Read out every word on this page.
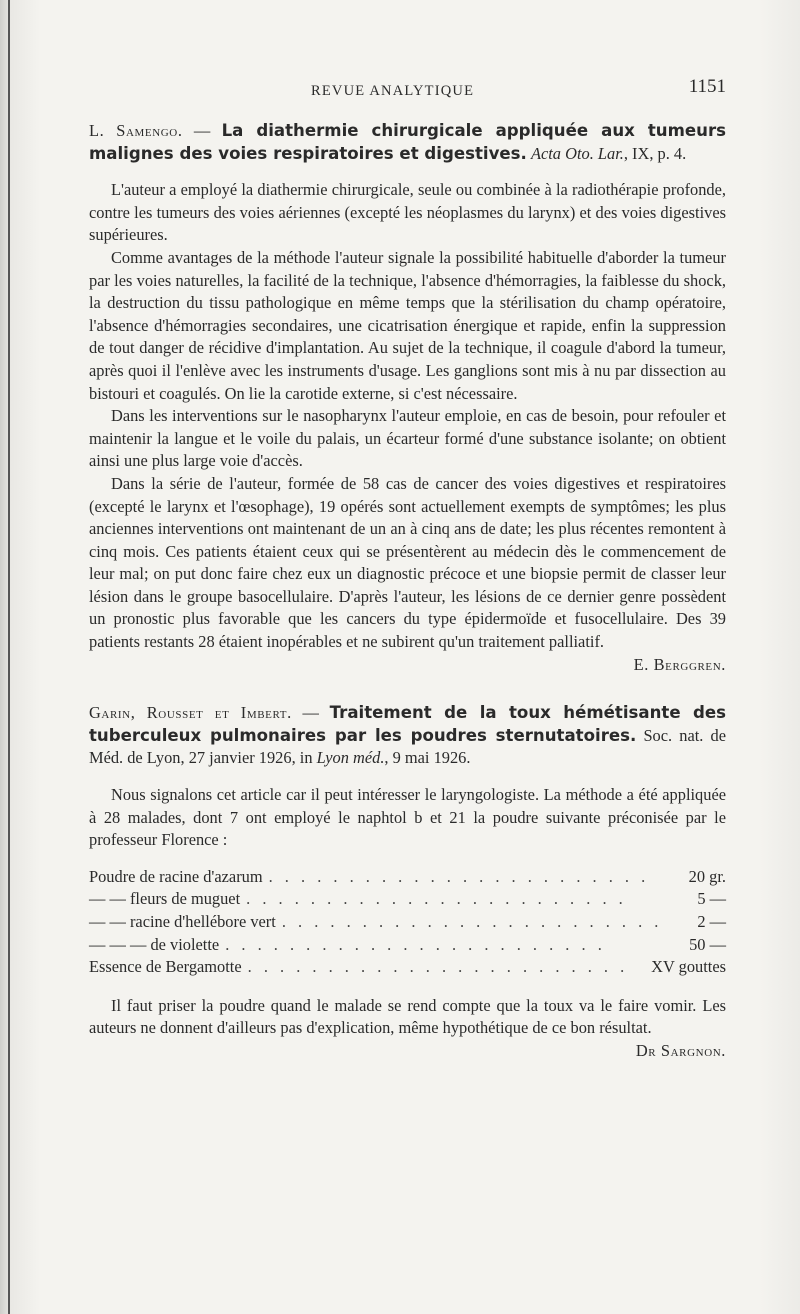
REVUE ANALYTIQUE	1151

L. Samengo. — La diathermie chirurgicale appliquée aux tumeurs malignes des voies respiratoires et digestives. Acta Oto. Lar., IX, p. 4.

L'auteur a employé la diathermie chirurgicale, seule ou combinée à la radiothérapie profonde, contre les tumeurs des voies aériennes (excepté les néoplasmes du larynx) et des voies digestives supérieures.

Comme avantages de la méthode l'auteur signale la possibilité habituelle d'aborder la tumeur par les voies naturelles, la facilité de la technique, l'absence d'hémorragies, la faiblesse du shock, la destruction du tissu pathologique en même temps que la stérilisation du champ opératoire, l'absence d'hémorragies secondaires, une cicatrisation énergique et rapide, enfin la suppression de tout danger de récidive d'implantation. Au sujet de la technique, il coagule d'abord la tumeur, après quoi il l'enlève avec les instruments d'usage. Les ganglions sont mis à nu par dissection au bistouri et coagulés. On lie la carotide externe, si c'est nécessaire.

Dans les interventions sur le nasopharynx l'auteur emploie, en cas de besoin, pour refouler et maintenir la langue et le voile du palais, un écarteur formé d'une substance isolante; on obtient ainsi une plus large voie d'accès.

Dans la série de l'auteur, formée de 58 cas de cancer des voies digestives et respiratoires (excepté le larynx et l'œsophage), 19 opérés sont actuellement exempts de symptômes; les plus anciennes interventions ont maintenant de un an à cinq ans de date; les plus récentes remontent à cinq mois. Ces patients étaient ceux qui se présentèrent au médecin dès le commencement de leur mal; on put donc faire chez eux un diagnostic précoce et une biopsie permit de classer leur lésion dans le groupe basocellulaire. D'après l'auteur, les lésions de ce dernier genre possèdent un pronostic plus favorable que les cancers du type épidermoïde et fusocellulaire. Des 39 patients restants 28 étaient inopérables et ne subirent qu'un traitement palliatif.

E. Berggren.

Garin, Rousset et Imbert. — Traitement de la toux hémétisante des tuberculeux pulmonaires par les poudres sternutatoires. Soc. nat. de Méd. de Lyon, 27 janvier 1926, in Lyon méd., 9 mai 1926.

Nous signalons cet article car il peut intéresser le laryngologiste. La méthode a été appliquée à 28 malades, dont 7 ont employé le naphtol b et 21 la poudre suivante préconisée par le professeur Florence :

Poudre de racine d'azarum . . . . . . . . . . . . . . . . . . . . . . . .	20 gr.
— — fleurs de muguet . . . . . . . . . . . . . . . . . . . . . . . .	5 —
— — racine d'hellébore vert . . . . . . . . . . . . . . . . . . . . . . . .	2 —
— — — de violette . . . . . . . . . . . . . . . . . . . . . . . .	50 —
Essence de Bergamotte . . . . . . . . . . . . . . . . . . . . . . . .	XV gouttes

Il faut priser la poudre quand le malade se rend compte que la toux va le faire vomir. Les auteurs ne donnent d'ailleurs pas d'explication, même hypothétique de ce bon résultat.
Dr Sargnon.
